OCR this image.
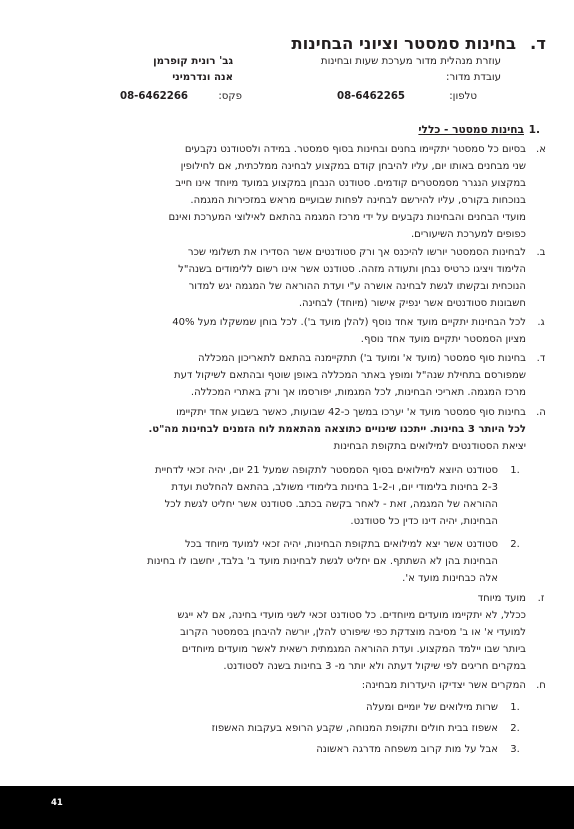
ד.בחינות סמסטר וציוני הבחינות
עוזרת מנהלית מדור מערכת שעות ובחינות
גב' רונית קופרמן
עובדת מדור:
אנה ונדרמיני
טלפון:
08-6462265
פקס:
08-6462266
.1
בחינות סמסטר - כללי
א.
בסיום כל סמסטר יתקיימו בחנים ובחינות בסוף סמסטר. במידה ולסטודנט נקבעים
שני מבחנים באותו יום, עליו להיבחן קודם במקצוע לבחינה ממלכתית, אם לחילופין
במקצוע הנגרר מסמסטרים קודמים. סטודנט הנבחן במקצוע במועד מיוחד אינו חייב
בנוכחות בקורס, עליו להירשם לבחינה לפחות שבועיים מראש במזכירות המגמה.
מועדי הבחנים והבחינות נקבעים על ידי מרכז המגמה בהתאם לאילוצי המערכת ואינם
כפופים למערכת השיעורים.
ב.
לבחינות הסמסטר יורשו להיכנס אך ורק סטודנטים אשר הסדירו את תשלומי שכר
הלימוד ויציגו כרטיס נבחן ותעודה מזהה. סטודנט אשר אינו רשום ללימודים בשנה"ל
הנוכחית ובקשתו לגשת לבחינה אושרה ע"י ועדת ההוראה של המגמה יגש למדור
חשבונות סטודנטים אשר ינפיק אישור (מיוחד) לבחינה.
ג.
לכל הבחינות יתקיים מועד אחד נוסף (להלן מועד ב'). לכל בוחן שמשקלו מעל 40%
מציון הסמסטר יתקיים מועד אחד נוסף.
ד.
בחינות סוף סמסטר (מועד א' ומועד ב') תתקיימנה בהתאם לתאריכון המכללה
שמפורסם בתחילת שנה"ל ומופץ באתר המכללה באופן שוטף ובהתאם לשיקול דעת
מרכז המגמה. תאריכי הבחינות, לכל המגמות, יפורסמו אך ורק באתרי המכללה.
ה.
בחינות סוף סמסטר מועד א' יערכו במשך כ-42 שבועות, כאשר בשבוע אחד יתקיימו
לכל היותר 3 בחינות. ייתכנו שינויים כתוצאה מהתאמת לוח הזמנים לבחינות מה"ט.
יציאת הסטודנטים למילואים בתקופת הבחינות
.1
סטודנט היוצא למילואים בסוף הסמסטר לתקופה שמעל 21 יום, יהיה זכאי לדחיית
2-3 בחינות בלימודי יום, ו-1-2 בחינות בלימודי משולב, בהתאם להחלטת ועדת
ההוראה של המגמה, זאת - לאחר בקשה בכתב. סטודנט אשר יחליט לגשת לכל
הבחינות, יהיה דינו כדין כל סטודנט.
.2
סטודנט אשר יצא למילואים בתקופת הבחינות, יהיה זכאי למועד מיוחד בכל
הבחינות בהן לא השתתף. אם יחליט לגשת לבחינות מועד ב' בלבד, יחשבו לו בחינות
אלה כבחינות מועד א'.
ז.
מועד מיוחד
ככלל, לא יתקיימו מועדים מיוחדים. כל סטודנט זכאי לשני מועדי בחינה, אם לא ייגש
למועדי א' או ב' מסיבה מוצדקת כפי שיפורט להלן, יורשה להיבחן בסמסטר הקרוב
ביותר שבו יילמד המקצוע. ועדת ההוראה המגמתית רשאית לאשר מועדים מיוחדים
במקרים חריגים לפי שיקול דעתה ולא יותר מ- 3 בחינות בשנה לסטודנט.
ח.
המקרים אשר יצדיקו היעדרות מבחינה:
.1
שרות מילואים של יומיים ומעלה
.2
אשפוז בבית חולים ותקופת המנוחה, שקבע הרופא בעקבות האשפוז
.3
אבל על מות קרוב משפחה מדרגה ראשונה
41
